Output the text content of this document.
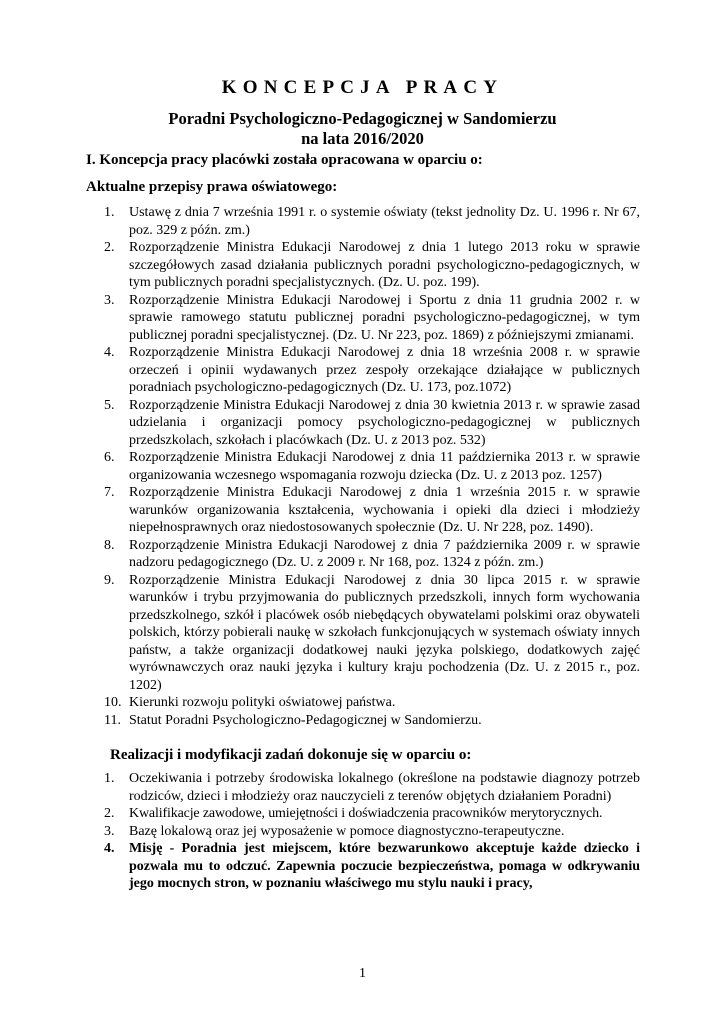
KONCEPCJA PRACY
Poradni Psychologiczno-Pedagogicznej w Sandomierzu
na lata 2016/2020
I. Koncepcja pracy placówki została opracowana w oparciu o:
Aktualne przepisy prawa oświatowego:
1. Ustawę z dnia 7 września 1991 r. o systemie oświaty (tekst jednolity Dz. U. 1996 r. Nr 67, poz. 329 z późn. zm.)
2. Rozporządzenie Ministra Edukacji Narodowej z dnia 1 lutego 2013 roku w sprawie szczegółowych zasad działania publicznych poradni psychologiczno-pedagogicznych, w tym publicznych poradni specjalistycznych. (Dz. U. poz. 199).
3. Rozporządzenie Ministra Edukacji Narodowej i Sportu z dnia 11 grudnia 2002 r. w sprawie ramowego statutu publicznej poradni psychologiczno-pedagogicznej, w tym publicznej poradni specjalistycznej. (Dz. U. Nr 223, poz. 1869) z późniejszymi zmianami.
4. Rozporządzenie Ministra Edukacji Narodowej z dnia 18 września 2008 r. w sprawie orzeczeń i opinii wydawanych przez zespoły orzekające działające w publicznych poradniach psychologiczno-pedagogicznych (Dz. U. 173, poz.1072)
5. Rozporządzenie Ministra Edukacji Narodowej z dnia 30 kwietnia 2013 r. w sprawie zasad udzielania i organizacji pomocy psychologiczno-pedagogicznej w publicznych przedszkolach, szkołach i placówkach (Dz. U. z 2013 poz. 532)
6. Rozporządzenie Ministra Edukacji Narodowej z dnia 11 października 2013 r. w sprawie organizowania wczesnego wspomagania rozwoju dziecka (Dz. U. z 2013 poz. 1257)
7. Rozporządzenie Ministra Edukacji Narodowej z dnia 1 września 2015 r. w sprawie warunków organizowania kształcenia, wychowania i opieki dla dzieci i młodzieży niepełnosprawnych oraz niedostosowanych społecznie (Dz. U. Nr 228, poz. 1490).
8. Rozporządzenie Ministra Edukacji Narodowej z dnia 7 października 2009 r. w sprawie nadzoru pedagogicznego (Dz. U. z 2009 r. Nr 168, poz. 1324 z późn. zm.)
9. Rozporządzenie Ministra Edukacji Narodowej z dnia 30 lipca 2015 r. w sprawie warunków i trybu przyjmowania do publicznych przedszkoli, innych form wychowania przedszkolnego, szkół i placówek osób niebędących obywatelami polskimi oraz obywateli polskich, którzy pobierali naukę w szkołach funkcjonujących w systemach oświaty innych państw, a także organizacji dodatkowej nauki języka polskiego, dodatkowych zajęć wyrównawczych oraz nauki języka i kultury kraju pochodzenia (Dz. U. z 2015 r., poz. 1202)
10. Kierunki rozwoju polityki oświatowej państwa.
11. Statut Poradni Psychologiczno-Pedagogicznej w Sandomierzu.
Realizacji i modyfikacji zadań dokonuje się w oparciu o:
1. Oczekiwania i potrzeby środowiska lokalnego (określone na podstawie diagnozy potrzeb rodziców, dzieci i młodzieży oraz nauczycieli z terenów objętych działaniem Poradni)
2. Kwalifikacje zawodowe, umiejętności i doświadczenia pracowników merytorycznych.
3. Bazę lokalową oraz jej wyposażenie w pomoce diagnostyczno-terapeutyczne.
4. Misję - Poradnia jest miejscem, które bezwarunkowo akceptuje każde dziecko i pozwala mu to odczuć. Zapewnia poczucie bezpieczeństwa, pomaga w odkrywaniu jego mocnych stron, w poznaniu właściwego mu stylu nauki i pracy,
1
